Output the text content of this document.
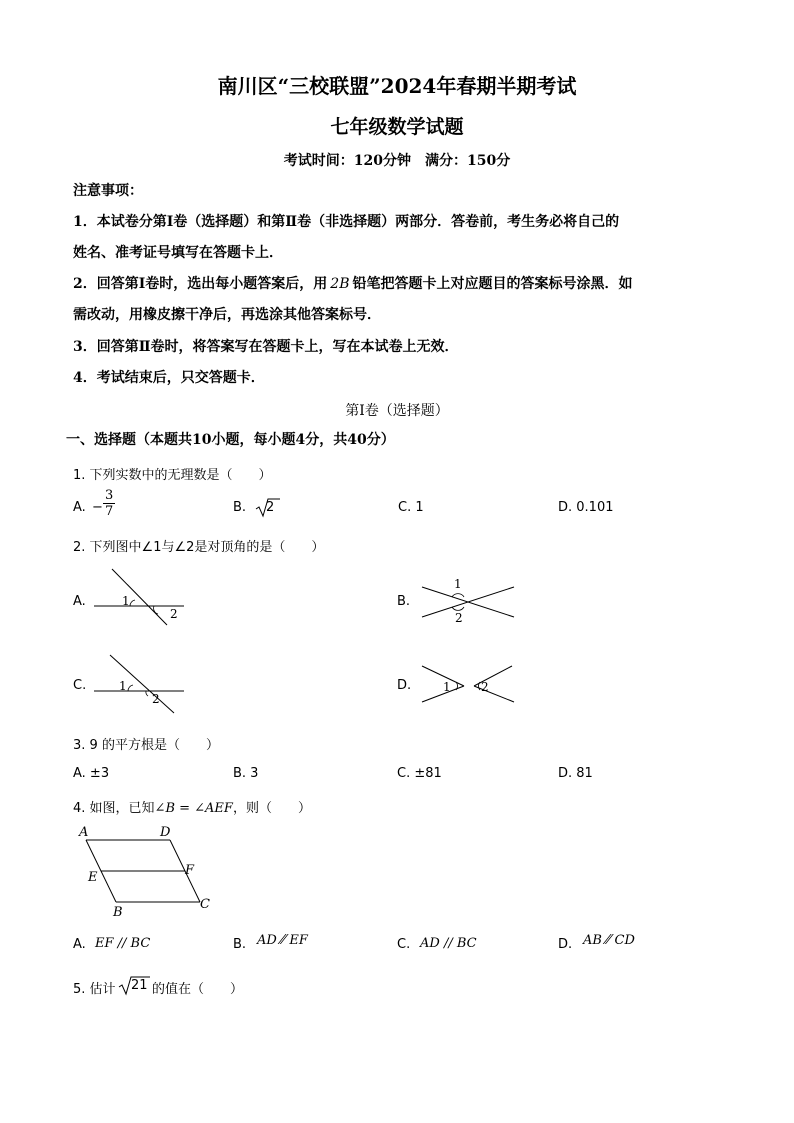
南川区“三校联盟”2024年春期半期考试
七年级数学试题
考试时间：120分钟　满分：150分
注意事项：
1．本试卷分第Ⅰ卷（选择题）和第Ⅱ卷（非选择题）两部分．答卷前，考生务必将自己的
姓名、准考证号填写在答题卡上．
2．回答第Ⅰ卷时，选出每小题答案后，用 2B 铅笔把答题卡上对应题目的答案标号涂黑．如
需改动，用橡皮擦干净后，再选涂其他答案标号．
3．回答第Ⅱ卷时，将答案写在答题卡上，写在本试卷上无效．
4．考试结束后，只交答题卡．
第Ⅰ卷（选择题）
一、选择题（本题共10小题，每小题4分，共40分）
1. 下列实数中的无理数是（　　）
A. − $\frac{3}{7}$	B. 2	C. 1	D. 0.101
2. 下列图中∠1与∠2是对顶角的是（　　）
A.	1
2
B.
1
2
C.	1
2
D.	1	2
3. 9 的平方根是（　　）
A. ±3	B. 3	C. ±81	D. 81
4. 如图，已知∠B = ∠AEF，则（　　）
A	D
E	F
B
C
A. EF // BC	B. AD ⁄⁄ EF	C. AD // BC	D. AB ⁄⁄ CD
5. 估计 21 的值在（　　）
